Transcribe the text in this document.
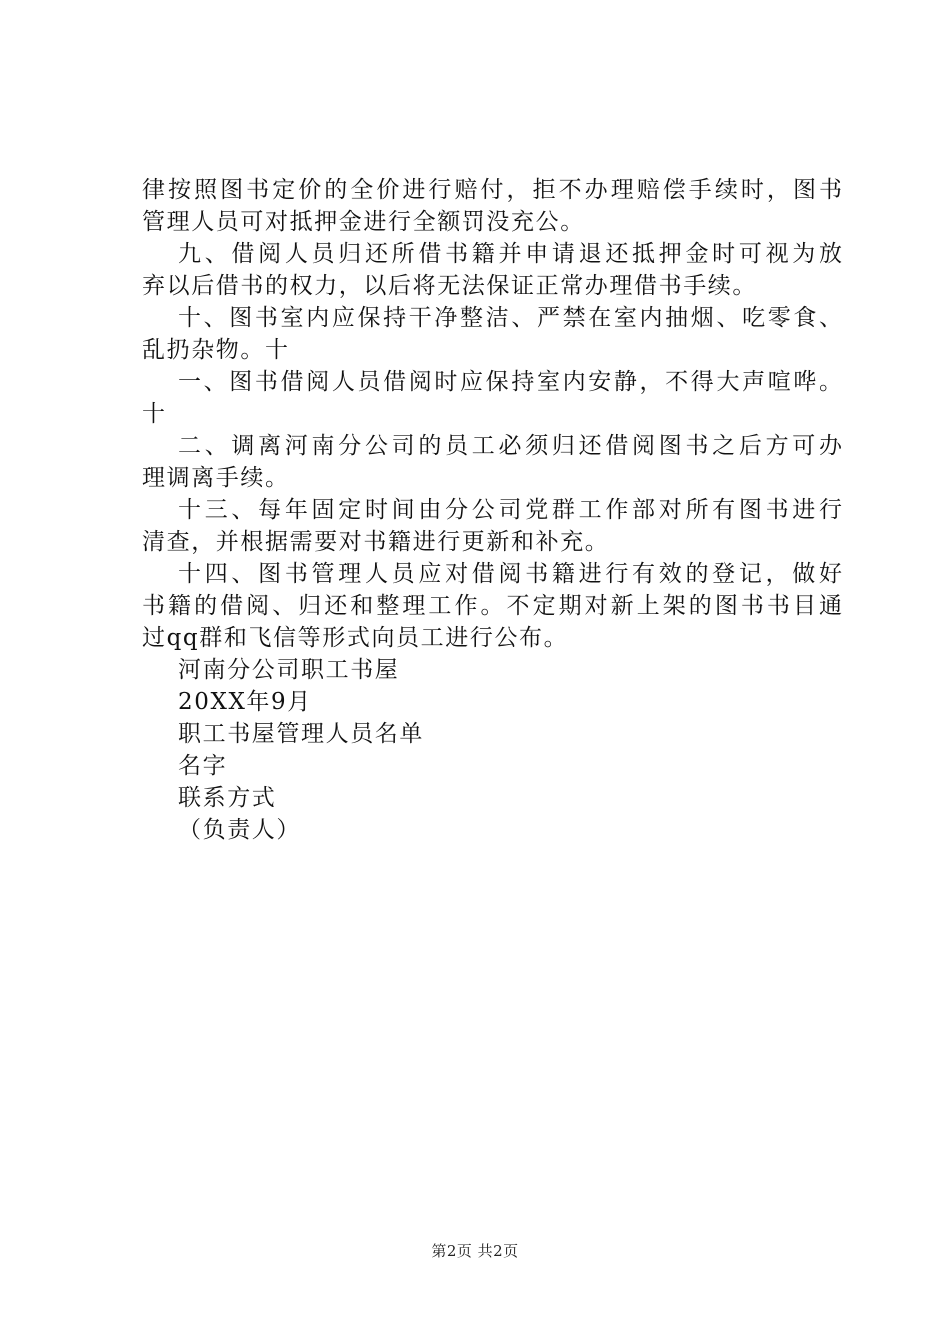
律按照图书定价的全价进行赔付，拒不办理赔偿手续时，图书
管理人员可对抵押金进行全额罚没充公。
九、借阅人员归还所借书籍并申请退还抵押金时可视为放
弃以后借书的权力，以后将无法保证正常办理借书手续。
十、图书室内应保持干净整洁、严禁在室内抽烟、吃零食、
乱扔杂物。十
一、图书借阅人员借阅时应保持室内安静，不得大声喧哗。
十
二、调离河南分公司的员工必须归还借阅图书之后方可办
理调离手续。
十三、每年固定时间由分公司党群工作部对所有图书进行
清查，并根据需要对书籍进行更新和补充。
十四、图书管理人员应对借阅书籍进行有效的登记，做好
书籍的借阅、归还和整理工作。不定期对新上架的图书书目通
过qq群和飞信等形式向员工进行公布。
河南分公司职工书屋
20XX年9月
职工书屋管理人员名单
名字
联系方式
（负责人）
第2页 共2页
